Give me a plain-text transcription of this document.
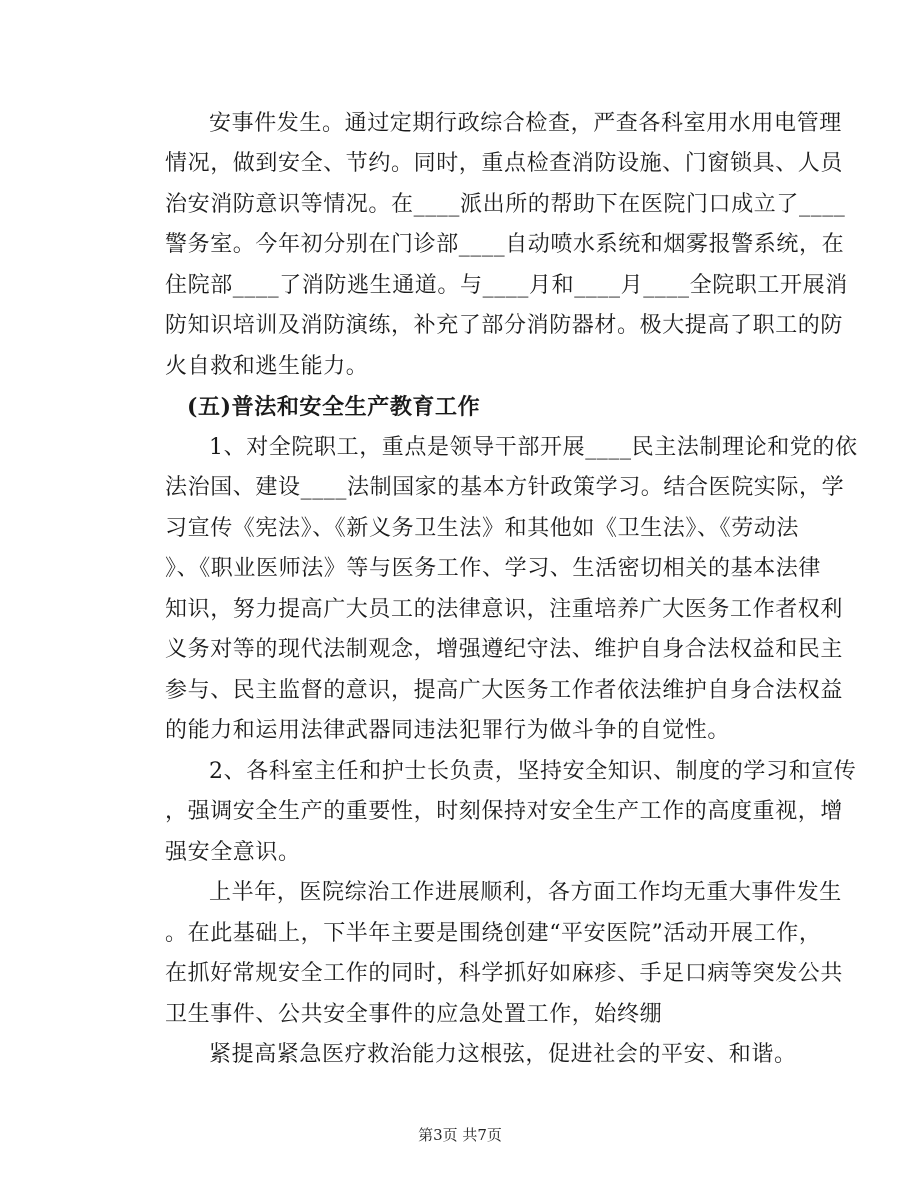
安事件发生。通过定期行政综合检查，严查各科室用水用电管理
情况，做到安全、节约。同时，重点检查消防设施、门窗锁具、人员
治安消防意识等情况。在____派出所的帮助下在医院门口成立了____
警务室。今年初分别在门诊部____自动喷水系统和烟雾报警系统，在
住院部____了消防逃生通道。与____月和____月____全院职工开展消
防知识培训及消防演练，补充了部分消防器材。极大提高了职工的防
火自救和逃生能力。
(五)普法和安全生产教育工作
1、对全院职工，重点是领导干部开展____民主法制理论和党的依
法治国、建设____法制国家的基本方针政策学习。结合医院实际，学
习宣传《宪法》、《新义务卫生法》和其他如《卫生法》、《劳动法
》、《职业医师法》等与医务工作、学习、生活密切相关的基本法律
知识，努力提高广大员工的法律意识，注重培养广大医务工作者权利
义务对等的现代法制观念，增强遵纪守法、维护自身合法权益和民主
参与、民主监督的意识，提高广大医务工作者依法维护自身合法权益
的能力和运用法律武器同违法犯罪行为做斗争的自觉性。
2、各科室主任和护士长负责，坚持安全知识、制度的学习和宣传
，强调安全生产的重要性，时刻保持对安全生产工作的高度重视，增
强安全意识。
上半年，医院综治工作进展顺利，各方面工作均无重大事件发生
。在此基础上，下半年主要是围绕创建“平安医院”活动开展工作，
在抓好常规安全工作的同时，科学抓好如麻疹、手足口病等突发公共
卫生事件、公共安全事件的应急处置工作，始终绷
紧提高紧急医疗救治能力这根弦，促进社会的平安、和谐。
第3页 共7页
